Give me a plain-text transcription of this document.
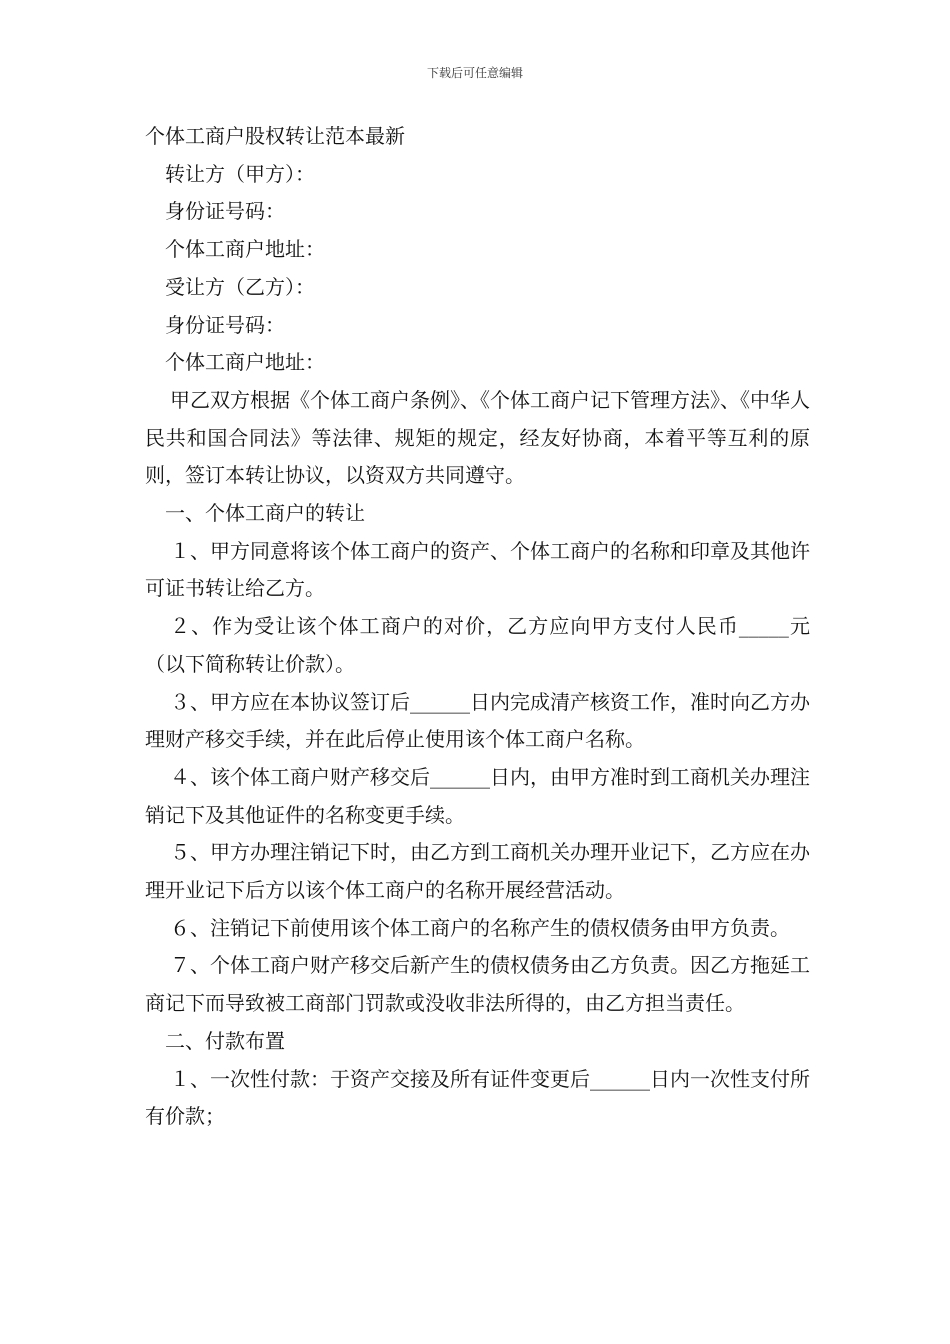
下载后可任意编辑

个体工商户股权转让范本最新

转让方（甲方）：

身份证号码：

个体工商户地址：

受让方（乙方）：

身份证号码：

个体工商户地址：

甲乙双方根据《个体工商户条例》、《个体工商户记下管理方法》、《中华人民共和国合同法》等法律、规矩的规定，经友好协商，本着平等互利的原则，签订本转让协议，以资双方共同遵守。

一、个体工商户的转让

１、甲方同意将该个体工商户的资产、个体工商户的名称和印章及其他许可证书转让给乙方。

２、作为受让该个体工商户的对价，乙方应向甲方支付人民币_____元（以下简称转让价款）。

３、甲方应在本协议签订后______日内完成清产核资工作，准时向乙方办理财产移交手续，并在此后停止使用该个体工商户名称。

４、该个体工商户财产移交后______日内，由甲方准时到工商机关办理注销记下及其他证件的名称变更手续。

５、甲方办理注销记下时，由乙方到工商机关办理开业记下，乙方应在办理开业记下后方以该个体工商户的名称开展经营活动。

６、注销记下前使用该个体工商户的名称产生的债权债务由甲方负责。

７、个体工商户财产移交后新产生的债权债务由乙方负责。因乙方拖延工商记下而导致被工商部门罚款或没收非法所得的，由乙方担当责任。

二、付款布置

１、一次性付款：于资产交接及所有证件变更后______日内一次性支付所有价款；
